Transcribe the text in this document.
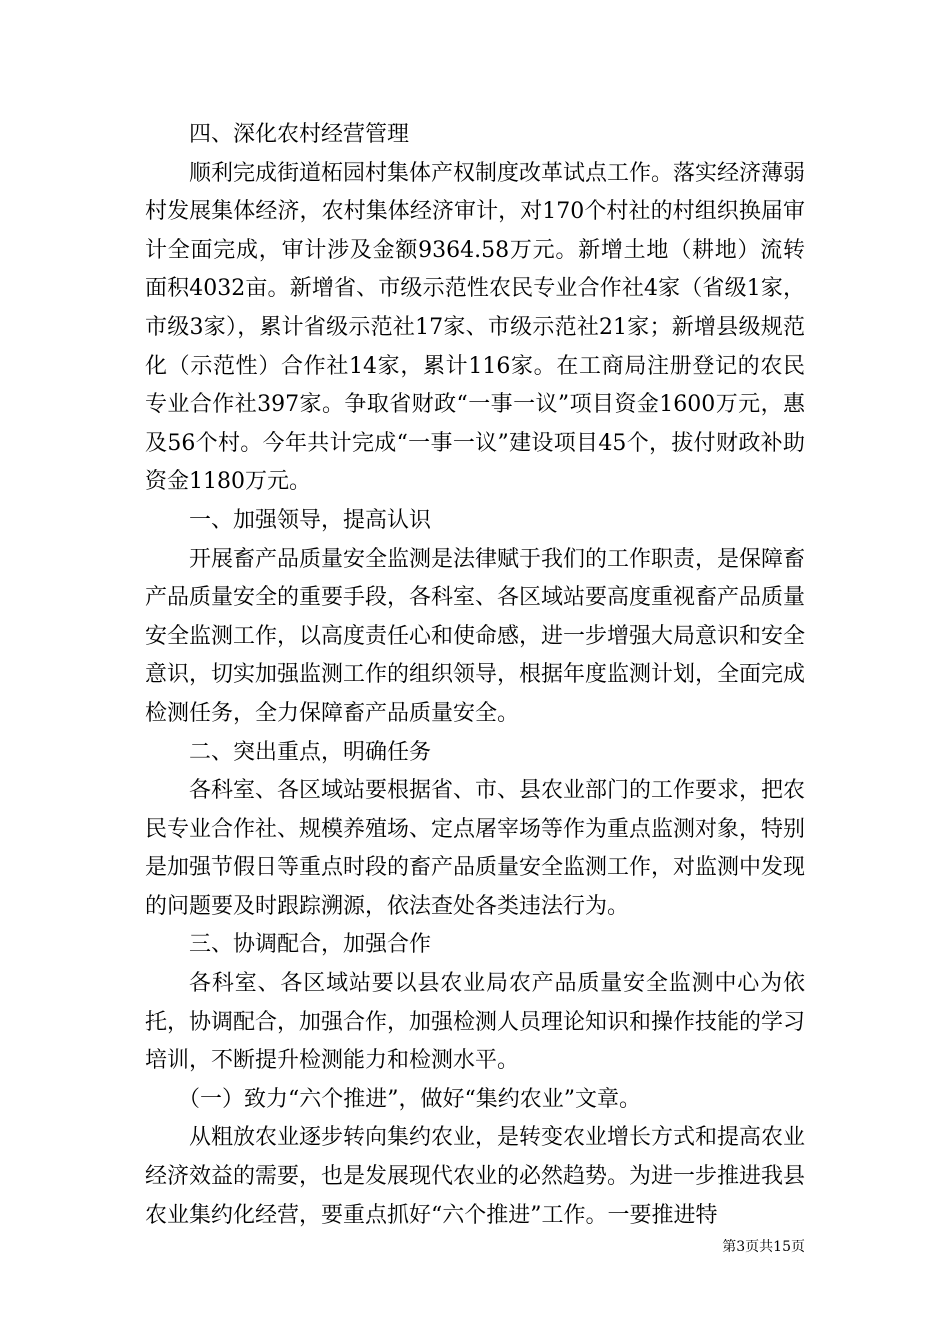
四、深化农村经营管理

顺利完成街道柘园村集体产权制度改革试点工作。落实经济薄弱村发展集体经济，农村集体经济审计，对170个村社的村组织换届审计全面完成，审计涉及金额9364.58万元。新增土地（耕地）流转面积4032亩。新增省、市级示范性农民专业合作社4家（省级1家，市级3家），累计省级示范社17家、市级示范社21家；新增县级规范化（示范性）合作社14家，累计116家。在工商局注册登记的农民专业合作社397家。争取省财政“一事一议”项目资金1600万元，惠及56个村。今年共计完成“一事一议”建设项目45个，拔付财政补助资金1180万元。

一、加强领导，提高认识

开展畜产品质量安全监测是法律赋于我们的工作职责，是保障畜产品质量安全的重要手段，各科室、各区域站要高度重视畜产品质量安全监测工作，以高度责任心和使命感，进一步增强大局意识和安全意识，切实加强监测工作的组织领导，根据年度监测计划，全面完成检测任务，全力保障畜产品质量安全。

二、突出重点，明确任务

各科室、各区域站要根据省、市、县农业部门的工作要求，把农民专业合作社、规模养殖场、定点屠宰场等作为重点监测对象，特别是加强节假日等重点时段的畜产品质量安全监测工作，对监测中发现的问题要及时跟踪溯源，依法查处各类违法行为。

三、协调配合，加强合作

各科室、各区域站要以县农业局农产品质量安全监测中心为依托，协调配合，加强合作，加强检测人员理论知识和操作技能的学习培训，不断提升检测能力和检测水平。

（一）致力“六个推进”，做好“集约农业”文章。

从粗放农业逐步转向集约农业，是转变农业增长方式和提高农业经济效益的需要，也是发展现代农业的必然趋势。为进一步推进我县农业集约化经营，要重点抓好“六个推进”工作。一要推进特

第3页共15页
